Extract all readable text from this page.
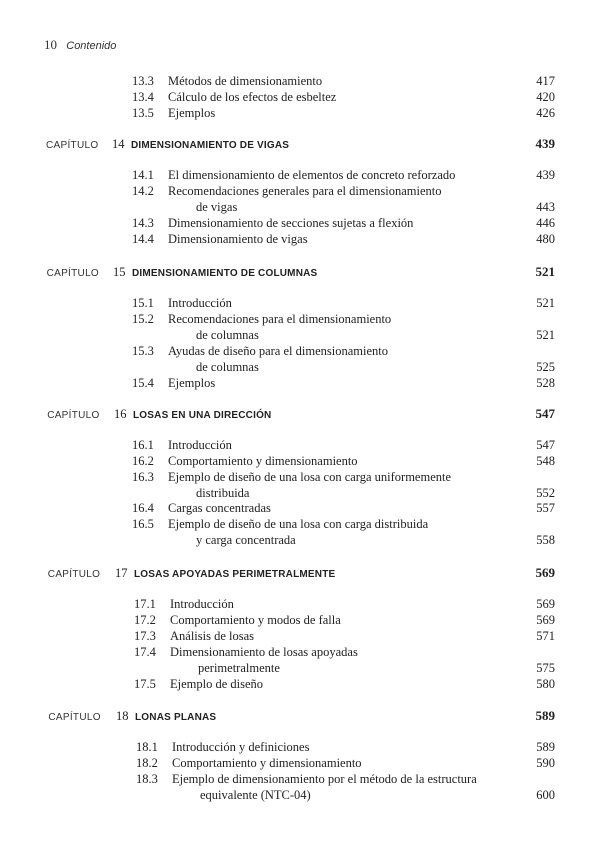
10 Contenido
13.3 Métodos de dimensionamiento	417
13.4 Cálculo de los efectos de esbeltez	420
13.5 Ejemplos	426
CAPÍTULO 14 DIMENSIONAMIENTO DE VIGAS	439
14.1 El dimensionamiento de elementos de concreto reforzado	439
14.2 Recomendaciones generales para el dimensionamiento
de vigas	443
14.3 Dimensionamiento de secciones sujetas a flexión	446
14.4 Dimensionamiento de vigas	480
CAPÍTULO 15 DIMENSIONAMIENTO DE COLUMNAS	521
15.1 Introducción	521
15.2 Recomendaciones para el dimensionamiento
de columnas	521
15.3 Ayudas de diseño para el dimensionamiento
de columnas	525
15.4 Ejemplos	528
CAPÍTULO 16 LOSAS EN UNA DIRECCIÓN	547
16.1 Introducción	547
16.2 Comportamiento y dimensionamiento	548
16.3 Ejemplo de diseño de una losa con carga uniformemente
distribuida	552
16.4 Cargas concentradas	557
16.5 Ejemplo de diseño de una losa con carga distribuida
y carga concentrada	558
CAPÍTULO 17 LOSAS APOYADAS PERIMETRALMENTE	569
17.1 Introducción	569
17.2 Comportamiento y modos de falla	569
17.3 Análisis de losas	571
17.4 Dimensionamiento de losas apoyadas
perimetralmente	575
17.5 Ejemplo de diseño	580
CAPÍTULO 18 LONAS PLANAS	589
18.1 Introducción y definiciones	589
18.2 Comportamiento y dimensionamiento	590
18.3 Ejemplo de dimensionamiento por el método de la estructura
equivalente (NTC-04)	600
